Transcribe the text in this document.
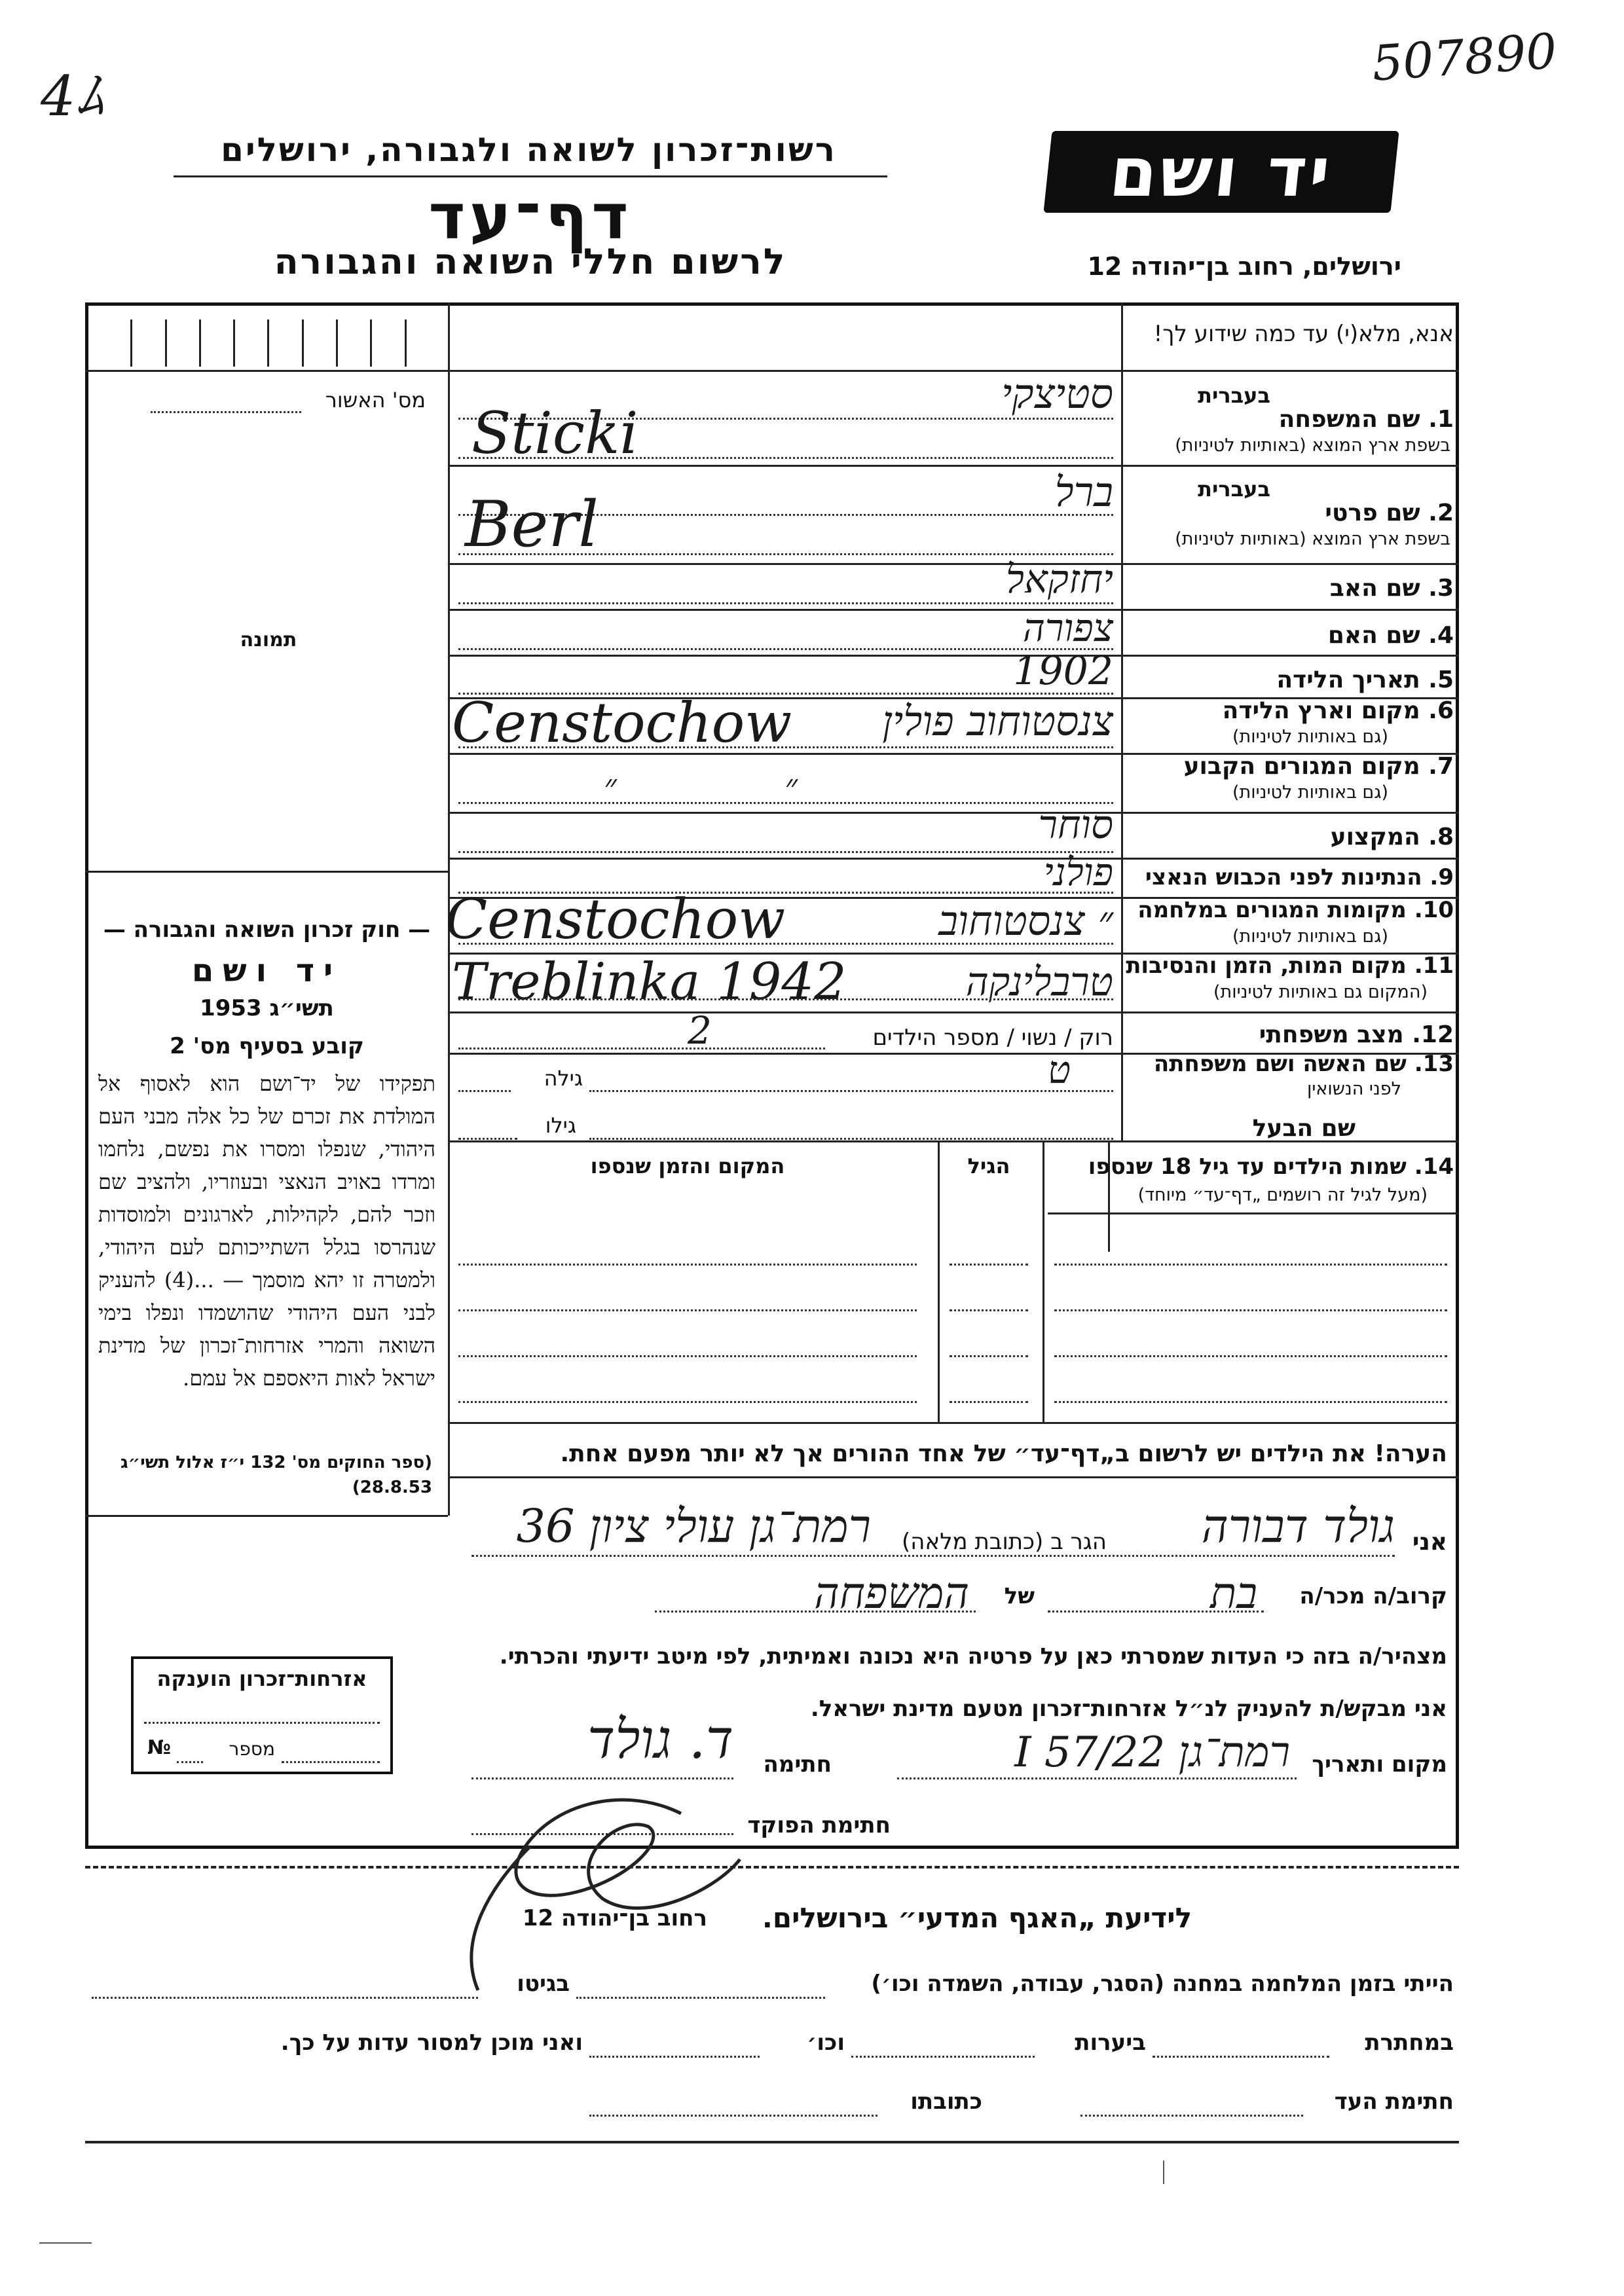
4ﾑ
507890
רשות־זכרון לשואה ולגבורה, ירושלים
דף־עד
לרשום חללי השואה והגבורה
יד ושם
ירושלים, רחוב בן־יהודה 12
מס' האשור
תמונה
אנא, מלא(י) עד כמה שידוע לך!
1. שם המשפחה
בעברית
בשפת ארץ המוצא (באותיות לטיניות)
סטיצקי
Sticki
2. שם פרטי
בעברית
בשפת ארץ המוצא (באותיות לטיניות)
ברל
Berl
3. שם האב
יחזקאל
4. שם האם
צפורה
5. תאריך הלידה
1902
6. מקום וארץ הלידה
(גם באותיות לטיניות)
Censtochow	צנסטוחוב פולין
7. מקום המגורים הקבוע
(גם באותיות לטיניות)
״ ״
8. המקצוע
סוחר
9. הנתינות לפני הכבוש הנאצי
פולני
10. מקומות המגורים במלחמה
(גם באותיות לטיניות)
Censtochow	״ צנסטוחוב
11. מקום המות, הזמן והנסיבות
(המקום גם באותיות לטיניות)
Treblinka 1942	טרבלינקה
12. מצב משפחתי
רוק / נשוי / מספר הילדים
2
13. שם האשה ושם משפחתה
לפני הנשואין
ט
גילה
שם הבעל
גילו
14. שמות הילדים עד גיל 18 שנספו
(מעל לגיל זה רושמים „דף־עד״ מיוחד)
הגיל
המקום והזמן שנספו
הערה! את הילדים יש לרשום ב„דף־עד״ של אחד ההורים אך לא יותר מפעם אחת.
— חוק זכרון השואה והגבורה —
יד ושם
תשי״ג 1953
קובע בסעיף מס' 2
תפקידו של יד־ושם הוא לאסוף אל המולדת את זכרם של כל אלה מבני העם היהודי, שנפלו ומסרו את נפשם, נלחמו ומרדו באויב הנאצי ובעוזריו, ולהציב שם וזכר להם, לקהילות, לארגונים ולמוסדות שנהרסו בגלל השתייכותם לעם היהודי, ולמטרה זו יהא מוסמך — ...(4) להעניק לבני העם היהודי שהושמדו ונפלו בימי השואה והמרי אזרחות־זכרון של מדינת ישראל לאות היאספם אל עמם.
(ספר החוקים מס' 132 י״ז אלול תשי״ג 28.8.53)
אני
גולד דבורה
הגר ב (כתובת מלאה)
רמת־גן עולי ציון 36
קרוב/ה מכר/ה
בת
של
המשפחה
מצהיר/ה בזה כי העדות שמסרתי כאן על פרטיה היא נכונה ואמיתית, לפי מיטב ידיעתי והכרתי.
אני מבקש/ת להעניק לנ״ל אזרחות־זכרון מטעם מדינת ישראל.
מקום ותאריך
רמת־גן 22/I 57
חתימה
ד. גולד
חתימת הפוקד
אזרחות־זכרון הוענקה
מספר
№
לידיעת „האגף המדעי״ בירושלים.
רחוב בן־יהודה 12
הייתי בזמן המלחמה במחנה (הסגר, עבודה, השמדה וכו׳)
בגיטו
במחתרת
ביערות
וכו׳
ואני מוכן למסור עדות על כך.
חתימת העד
כתובתו
